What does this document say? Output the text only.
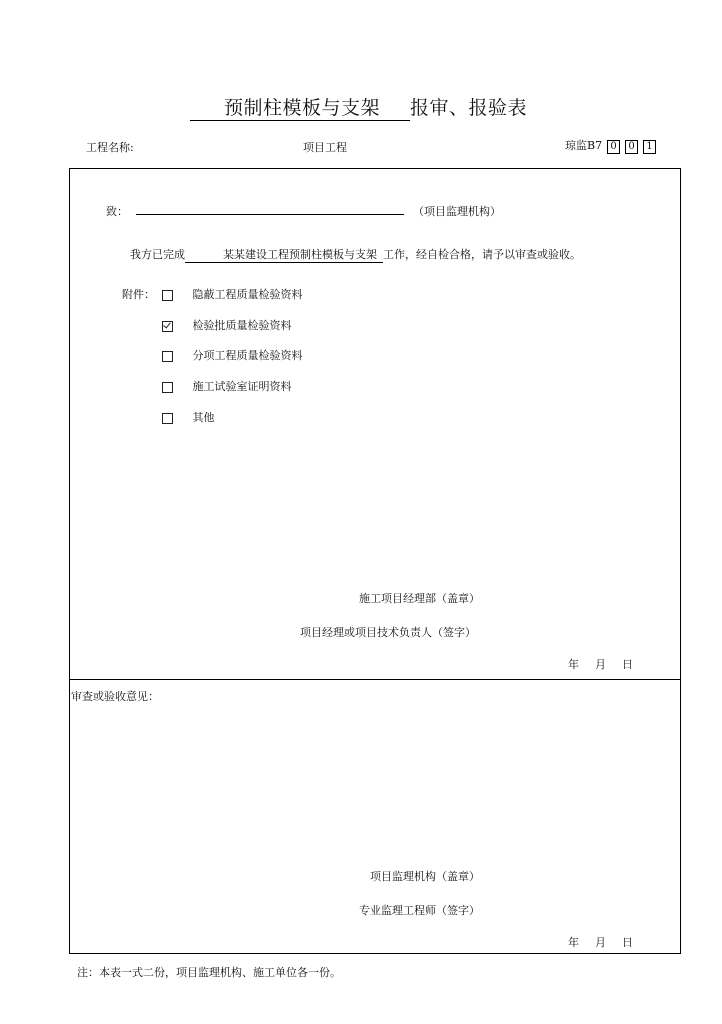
预制柱模板与支架 报审、报验表
工程名称:	项目工程	琼监B7 0 0 1
致：	（项目监理机构）
我方已完成	某某建设工程预制柱模板与支架 工作，经自检合格，请予以审查或验收。
附件：	隐蔽工程质量检验资料
检验批质量检验资料
分项工程质量检验资料
施工试验室证明资料
其他
施工项目经理部（盖章）
项目经理或项目技术负责人（签字）
年 月 日
审查或验收意见：
项目监理机构（盖章）
专业监理工程师（签字）
年 月 日
注：本表一式二份，项目监理机构、施工单位各一份。
